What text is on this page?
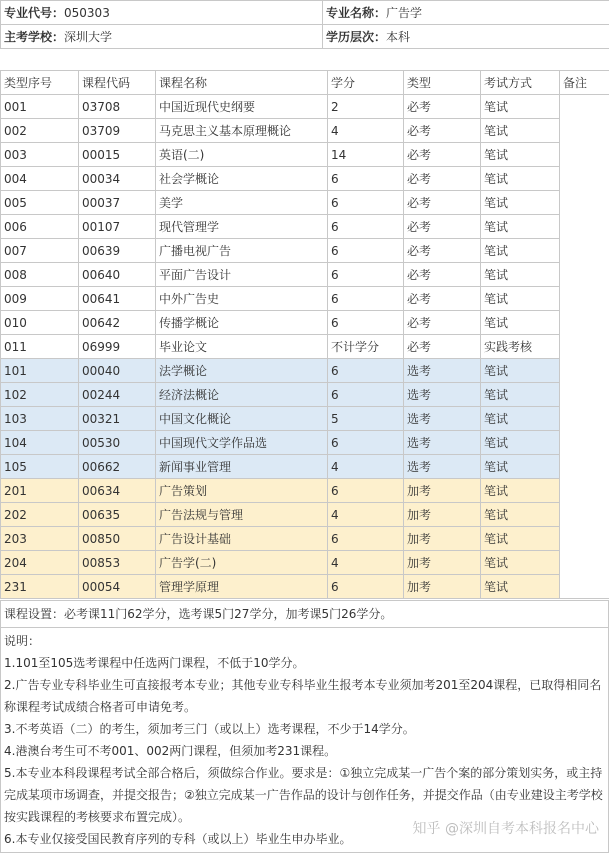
专业代号：050303	专业名称：广告学
主考学校：深圳大学	学历层次：本科
类型序号	课程代码	课程名称	学分	类型	考试方式	备注
001	03708	中国近现代史纲要	2	必考	笔试	
002	03709	马克思主义基本原理概论	4	必考	笔试	
003	00015	英语(二)	14	必考	笔试	
004	00034	社会学概论	6	必考	笔试	
005	00037	美学	6	必考	笔试	
006	00107	现代管理学	6	必考	笔试	
007	00639	广播电视广告	6	必考	笔试	
008	00640	平面广告设计	6	必考	笔试	
009	00641	中外广告史	6	必考	笔试	
010	00642	传播学概论	6	必考	笔试	
011	06999	毕业论文	不计学分	必考	实践考核	
101	00040	法学概论	6	选考	笔试	
102	00244	经济法概论	6	选考	笔试	
103	00321	中国文化概论	5	选考	笔试	
104	00530	中国现代文学作品选	6	选考	笔试	
105	00662	新闻事业管理	4	选考	笔试	
201	00634	广告策划	6	加考	笔试	
202	00635	广告法规与管理	4	加考	笔试	
203	00850	广告设计基础	6	加考	笔试	
204	00853	广告学(二)	4	加考	笔试	
231	00054	管理学原理	6	加考	笔试	
课程设置：必考课11门62学分，选考课5门27学分，加考课5门26学分。

说明：

1.101至105选考课程中任选两门课程，不低于10学分。

2.广告专业专科毕业生可直接报考本专业；其他专业专科毕业生报考本专业须加考201至204课程，已取得相同名称课程考试成绩合格者可申请免考。

3.不考英语（二）的考生，须加考三门（或以上）选考课程，不少于14学分。

4.港澳台考生可不考001、002两门课程，但须加考231课程。

5.本专业本科段课程考试全部合格后，须做综合作业。要求是：①独立完成某一广告个案的部分策划实务，或主持完成某项市场调查，并提交报告；②独立完成某一广告作品的设计与创作任务，并提交作品（由专业建设主考学校按实践课程的考核要求布置完成）。

6.本专业仅接受国民教育序列的专科（或以上）毕业生申办毕业。

知乎 @深圳自考本科报名中心
